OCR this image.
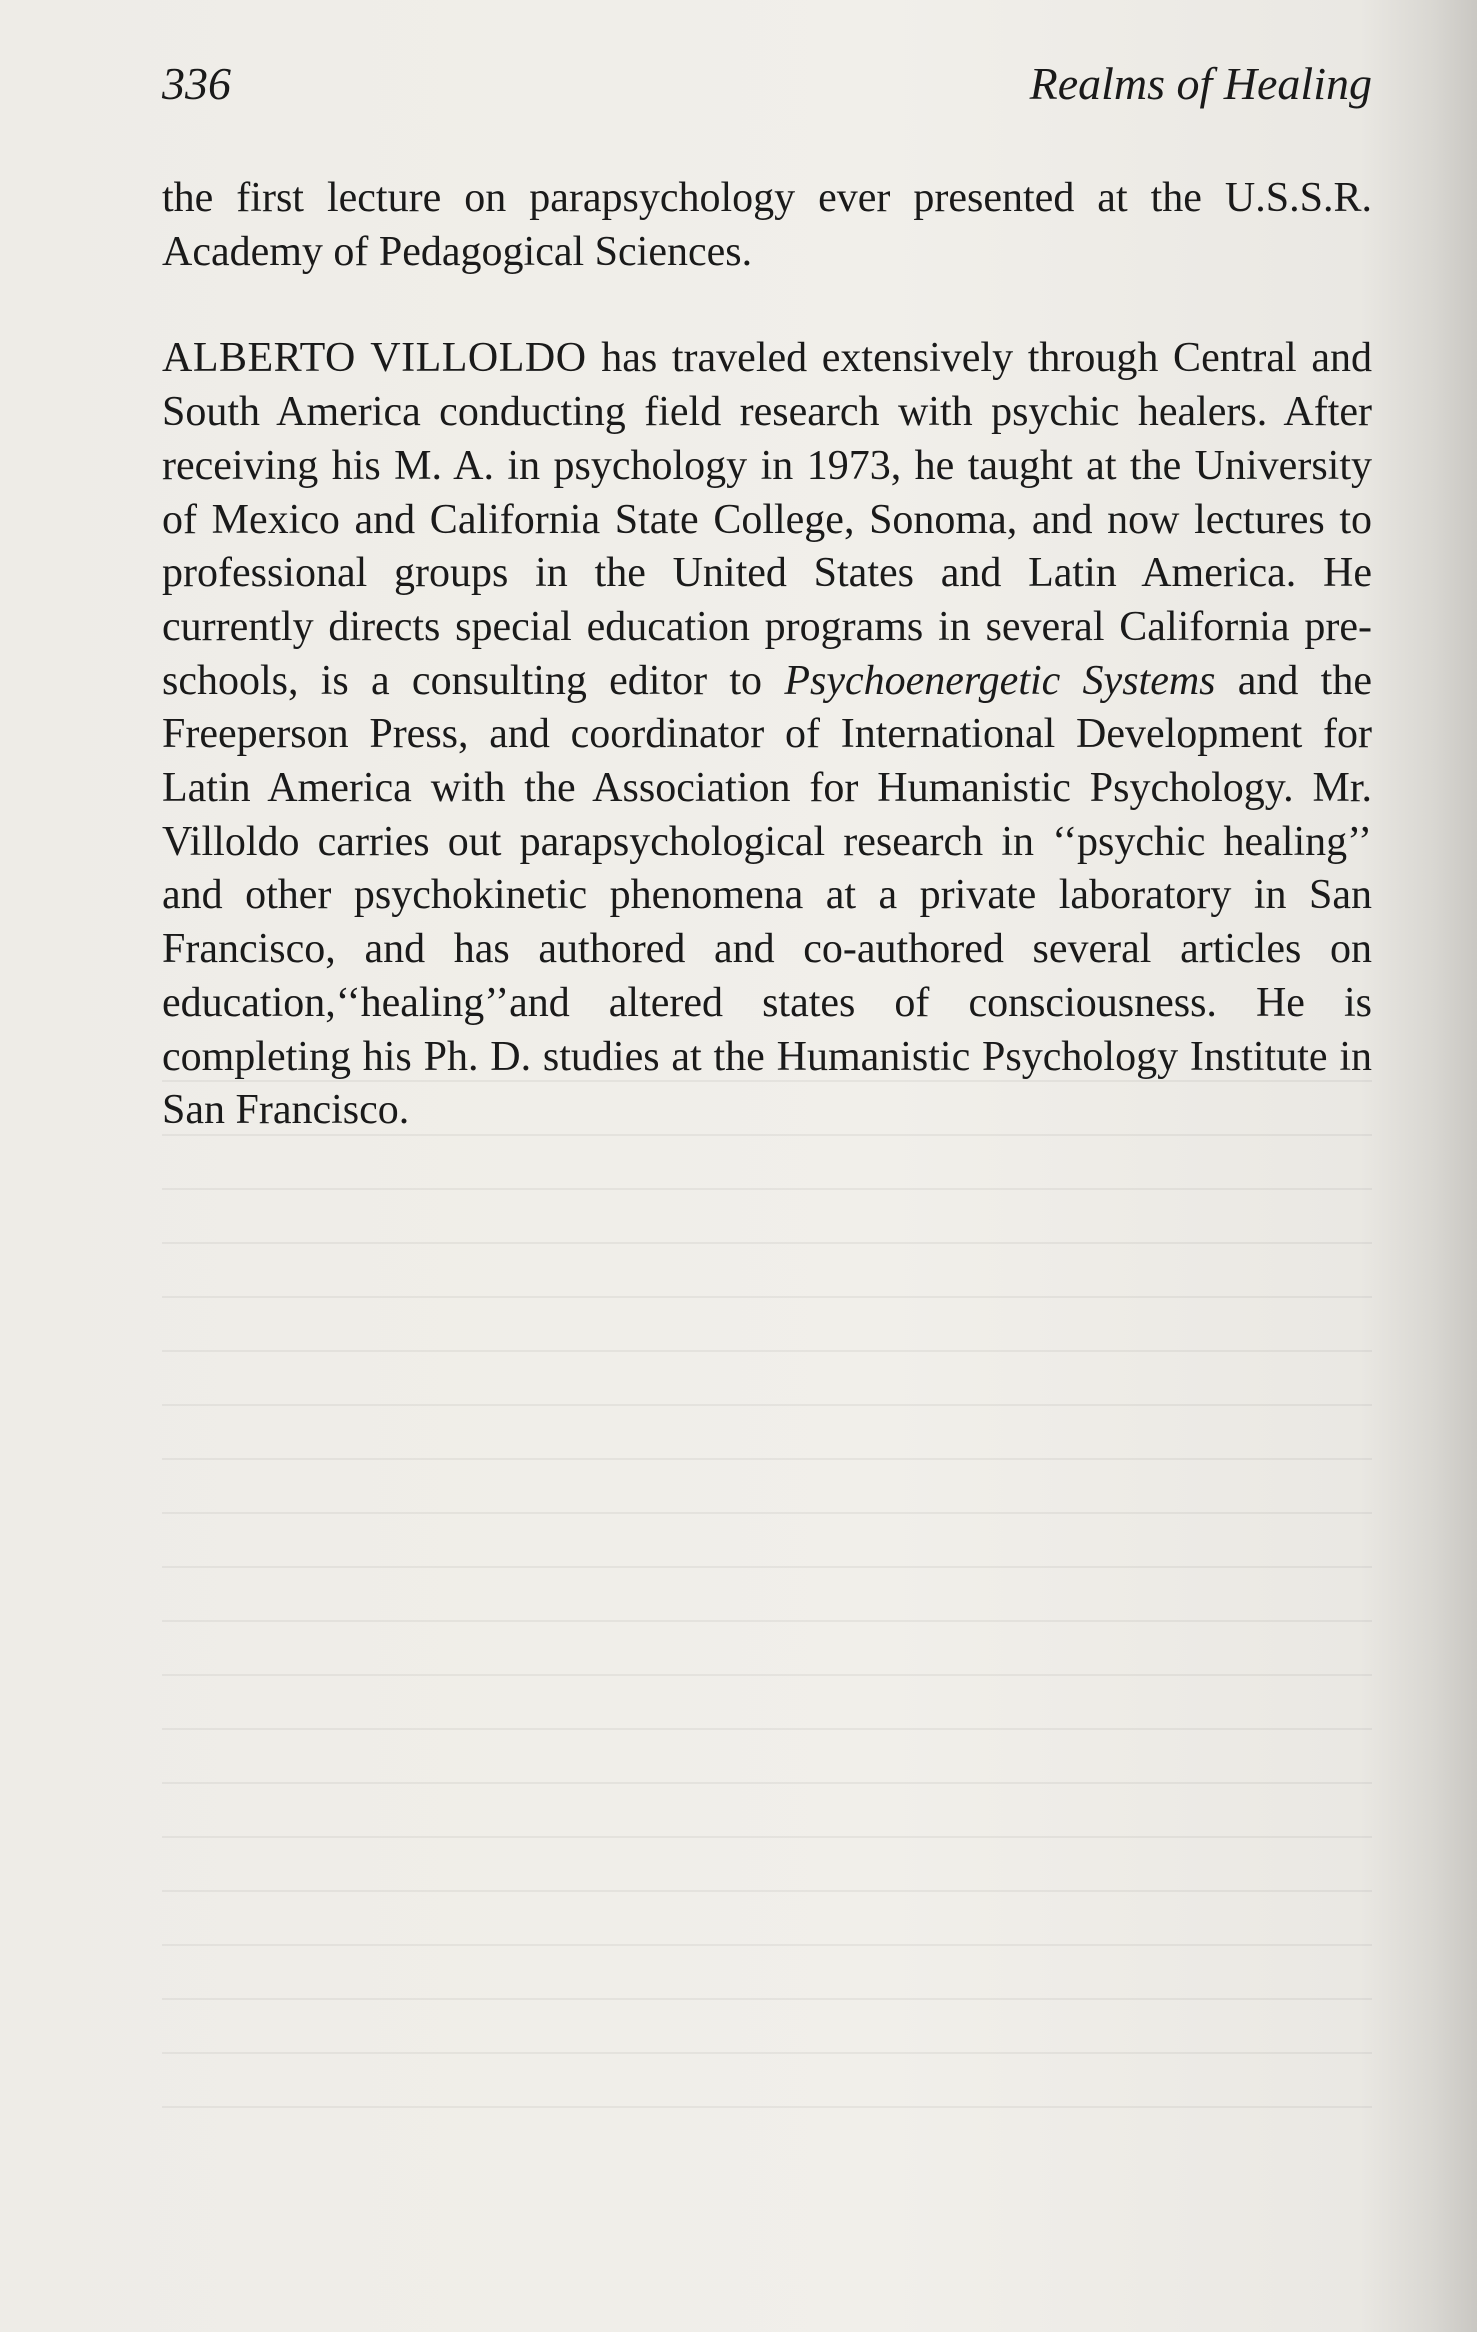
336	Realms of Healing

the first lecture on parapsychology ever presented at the U.S.S.R. Academy of Pedagogical Sciences.

ALBERTO VILLOLDO has traveled extensively through Central and South America conducting field research with psychic healers. After receiving his M. A. in psychology in 1973, he taught at the University of Mexico and California State College, Sonoma, and now lectures to professional groups in the United States and Latin America. He currently directs special education programs in several California pre-schools, is a consulting editor to Psychoenergetic Systems and the Freeperson Press, and coordinator of International Development for Latin America with the Association for Humanistic Psychology. Mr. Villoldo carries out parapsychological research in ‘‘psychic healing’’ and other psychokinetic phenomena at a private laboratory in San Francisco, and has authored and co-authored several articles on education,‘‘healing’’and altered states of consciousness. He is completing his Ph. D. studies at the Humanistic Psychology Institute in San Francisco.
